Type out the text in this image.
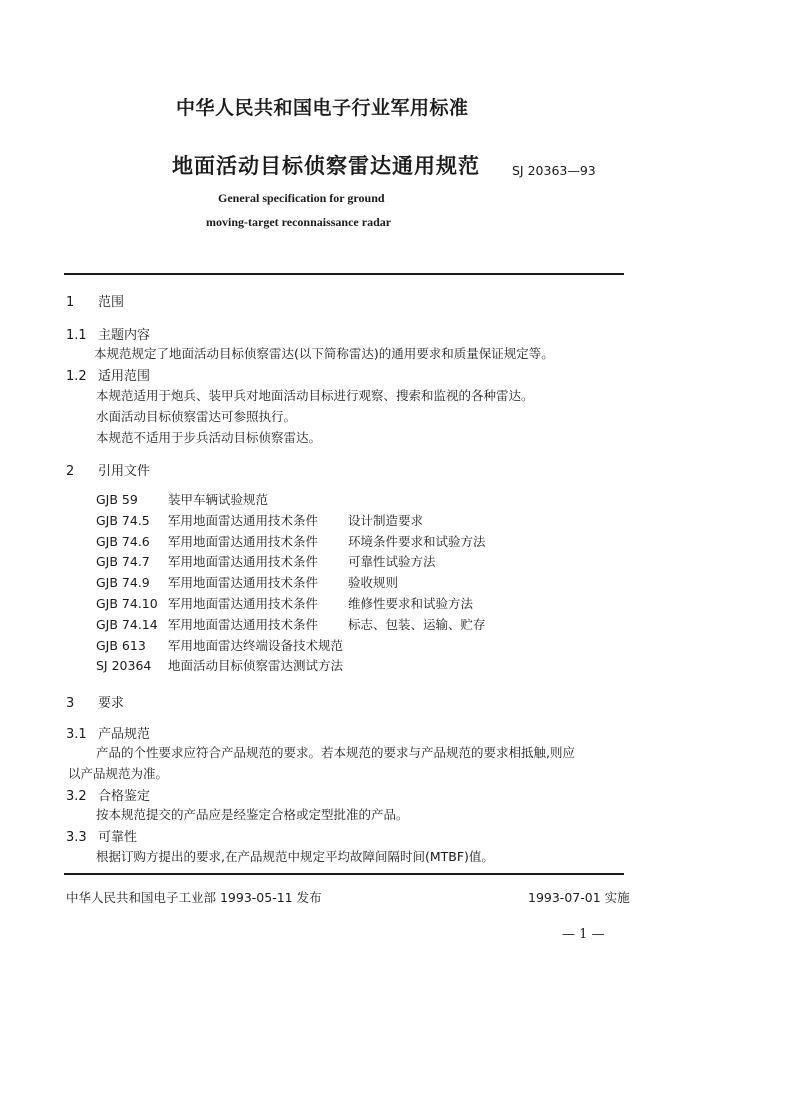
中华人民共和国电子行业军用标准
地面活动目标侦察雷达通用规范	SJ 20363—93
General specification for ground
moving-target reconnaissance radar
1 范围
1.1 主题内容
本规范规定了地面活动目标侦察雷达(以下简称雷达)的通用要求和质量保证规定等。
1.2 适用范围
本规范适用于炮兵、装甲兵对地面活动目标进行观察、搜索和监视的各种雷达。
水面活动目标侦察雷达可参照执行。
本规范不适用于步兵活动目标侦察雷达。
2 引用文件
GJB 59 装甲车辆试验规范
GJB 74.5 军用地面雷达通用技术条件 设计制造要求
GJB 74.6 军用地面雷达通用技术条件 环境条件要求和试验方法
GJB 74.7 军用地面雷达通用技术条件 可靠性试验方法
GJB 74.9 军用地面雷达通用技术条件 验收规则
GJB 74.10 军用地面雷达通用技术条件 维修性要求和试验方法
GJB 74.14 军用地面雷达通用技术条件 标志、包装、运输、贮存
GJB 613 军用地面雷达终端设备技术规范
SJ 20364 地面活动目标侦察雷达测试方法
3 要求
3.1 产品规范
产品的个性要求应符合产品规范的要求。若本规范的要求与产品规范的要求相抵触,则应
以产品规范为准。
3.2 合格鉴定
按本规范提交的产品应是经鉴定合格或定型批准的产品。
3.3 可靠性
根据订购方提出的要求,在产品规范中规定平均故障间隔时间(MTBF)值。
中华人民共和国电子工业部 1993-05-11 发布	1993-07-01 实施
— 1 —
